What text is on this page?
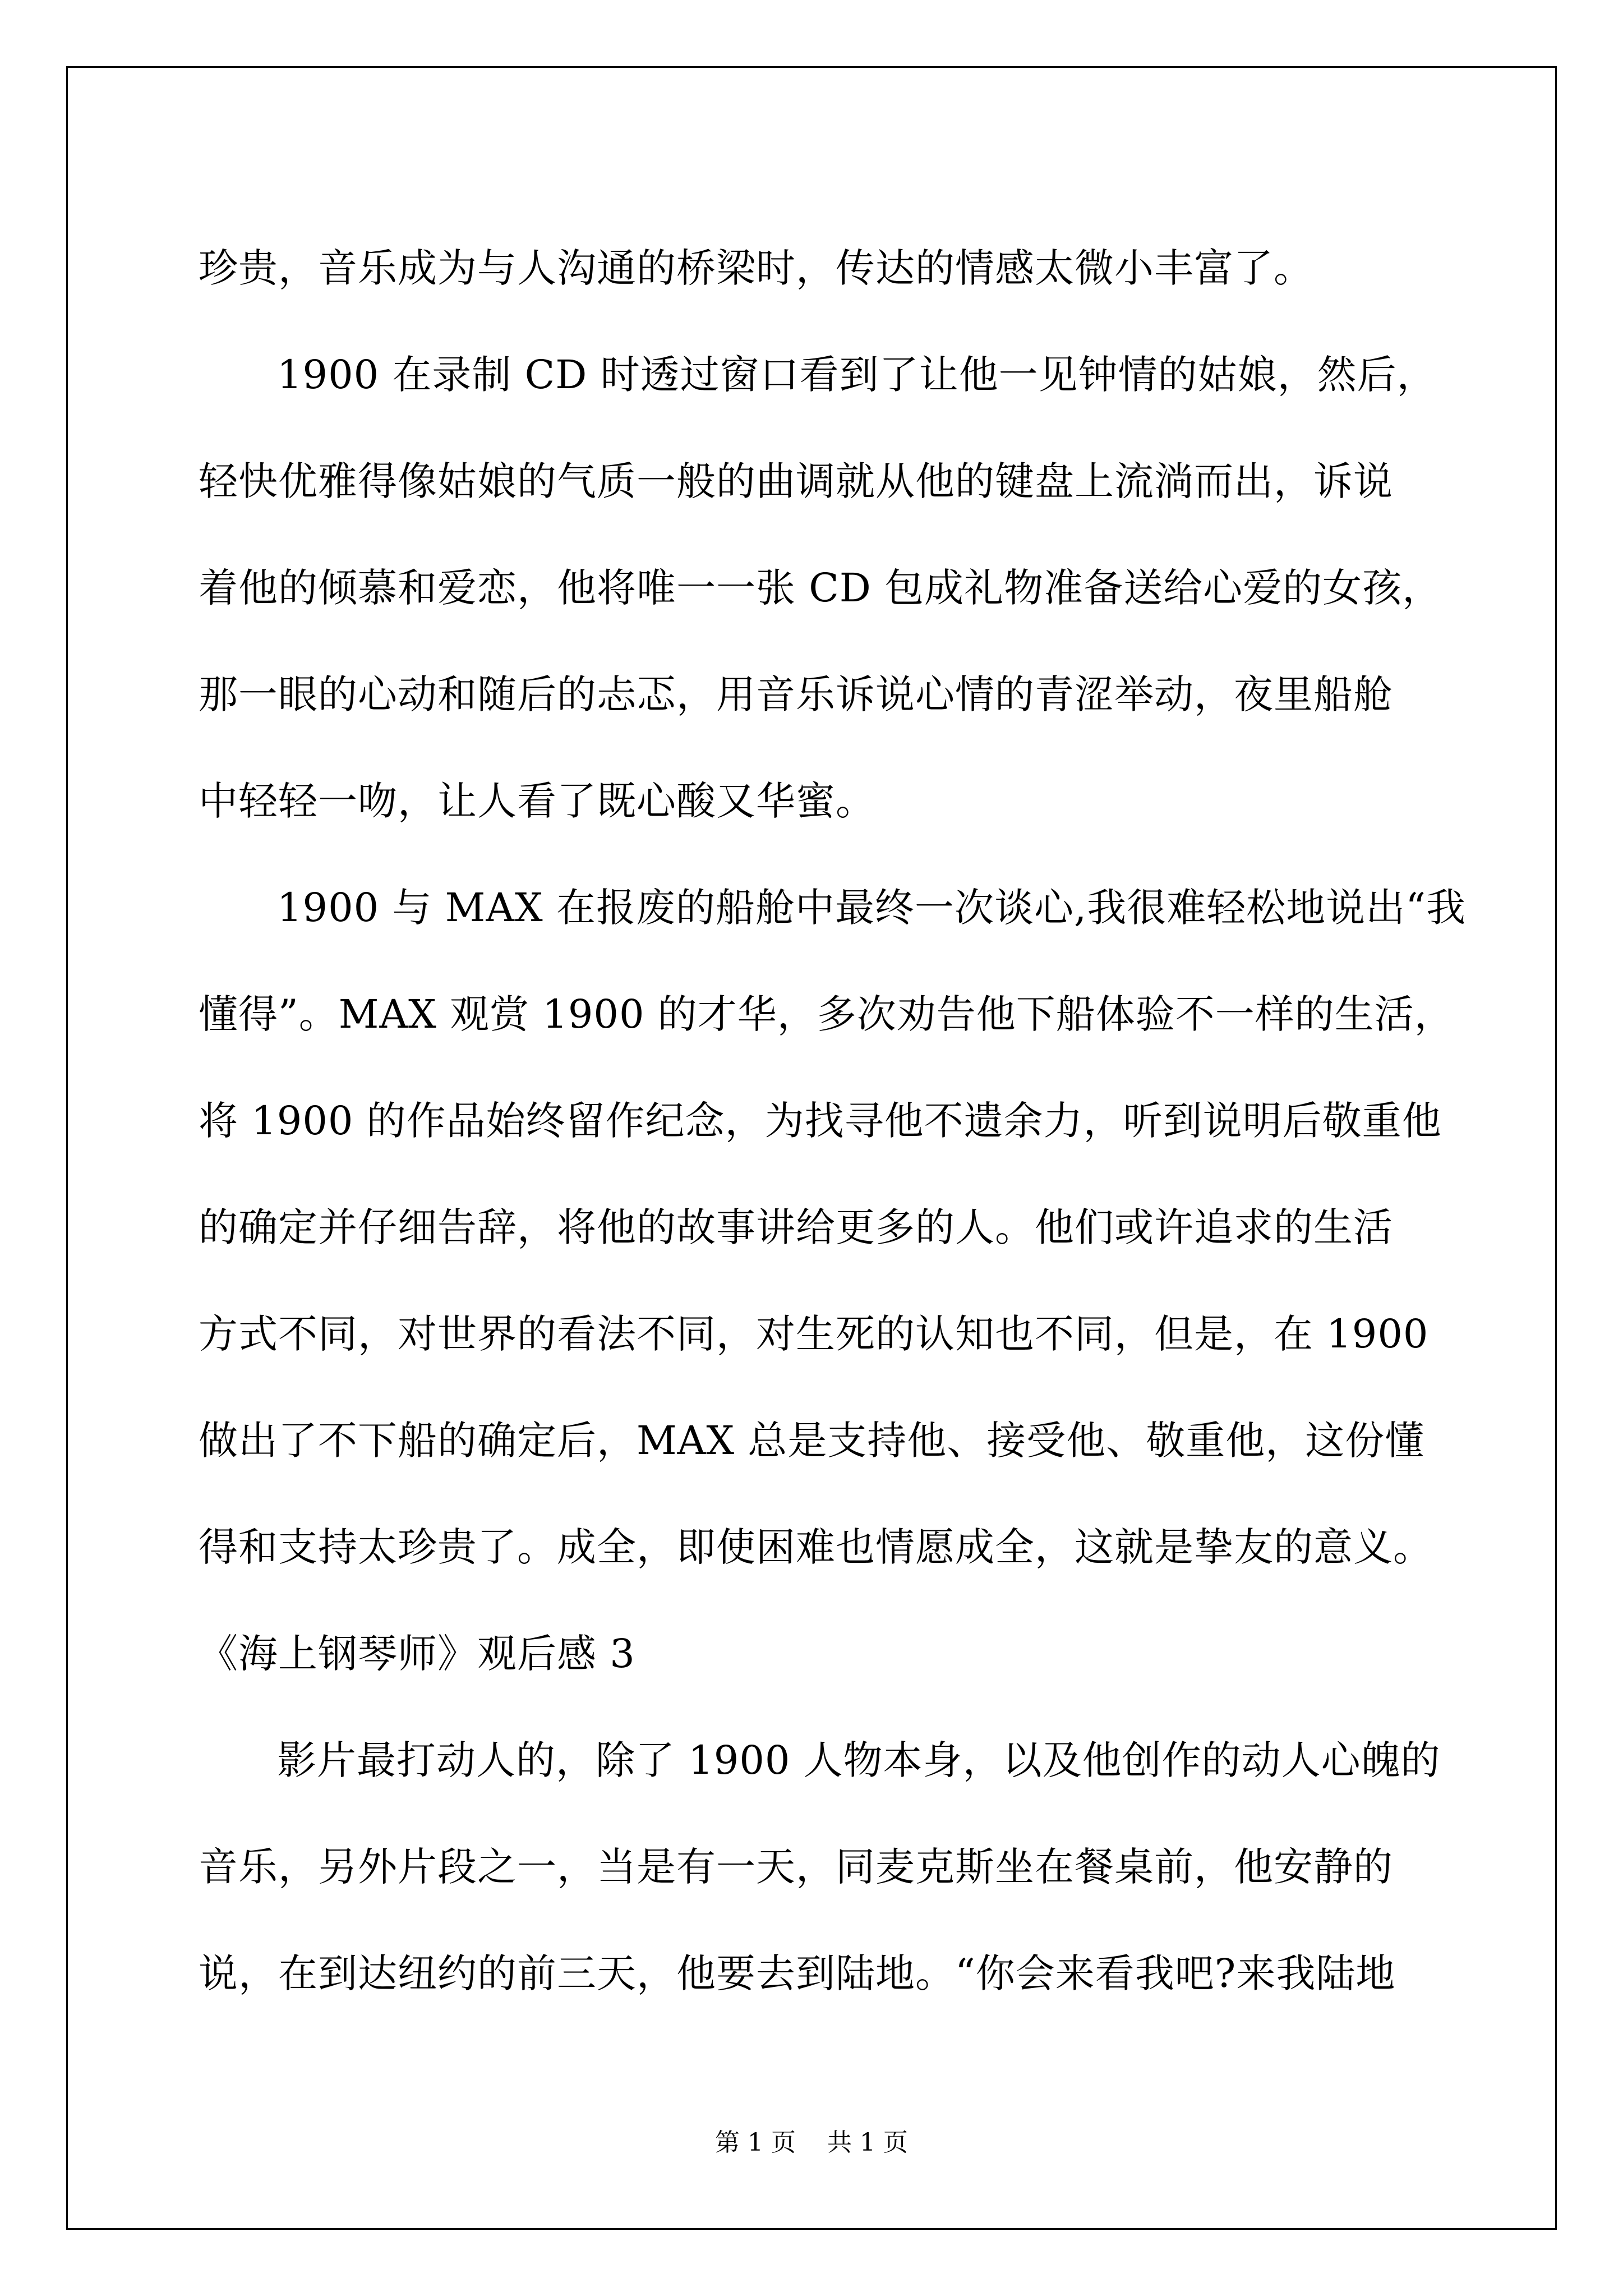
珍贵，音乐成为与人沟通的桥梁时，传达的情感太微小丰富了。
1900 在录制 CD 时透过窗口看到了让他一见钟情的姑娘，然后，
轻快优雅得像姑娘的气质一般的曲调就从他的键盘上流淌而出，诉说
着他的倾慕和爱恋，他将唯一一张 CD 包成礼物准备送给心爱的女孩，
那一眼的心动和随后的忐忑，用音乐诉说心情的青涩举动，夜里船舱
中轻轻一吻，让人看了既心酸又华蜜。
1900 与 MAX 在报废的船舱中最终一次谈心,我很难轻松地说出“我
懂得”。MAX 观赏 1900 的才华，多次劝告他下船体验不一样的生活，
将 1900 的作品始终留作纪念，为找寻他不遗余力，听到说明后敬重他
的确定并仔细告辞，将他的故事讲给更多的人。他们或许追求的生活
方式不同，对世界的看法不同，对生死的认知也不同，但是，在 1900
做出了不下船的确定后，MAX 总是支持他、接受他、敬重他，这份懂
得和支持太珍贵了。成全，即使困难也情愿成全，这就是挚友的意义。
《海上钢琴师》观后感 3
影片最打动人的，除了 1900 人物本身，以及他创作的动人心魄的
音乐，另外片段之一，当是有一天，同麦克斯坐在餐桌前，他安静的
说，在到达纽约的前三天，他要去到陆地。“你会来看我吧?来我陆地
第 1 页    共 1 页
